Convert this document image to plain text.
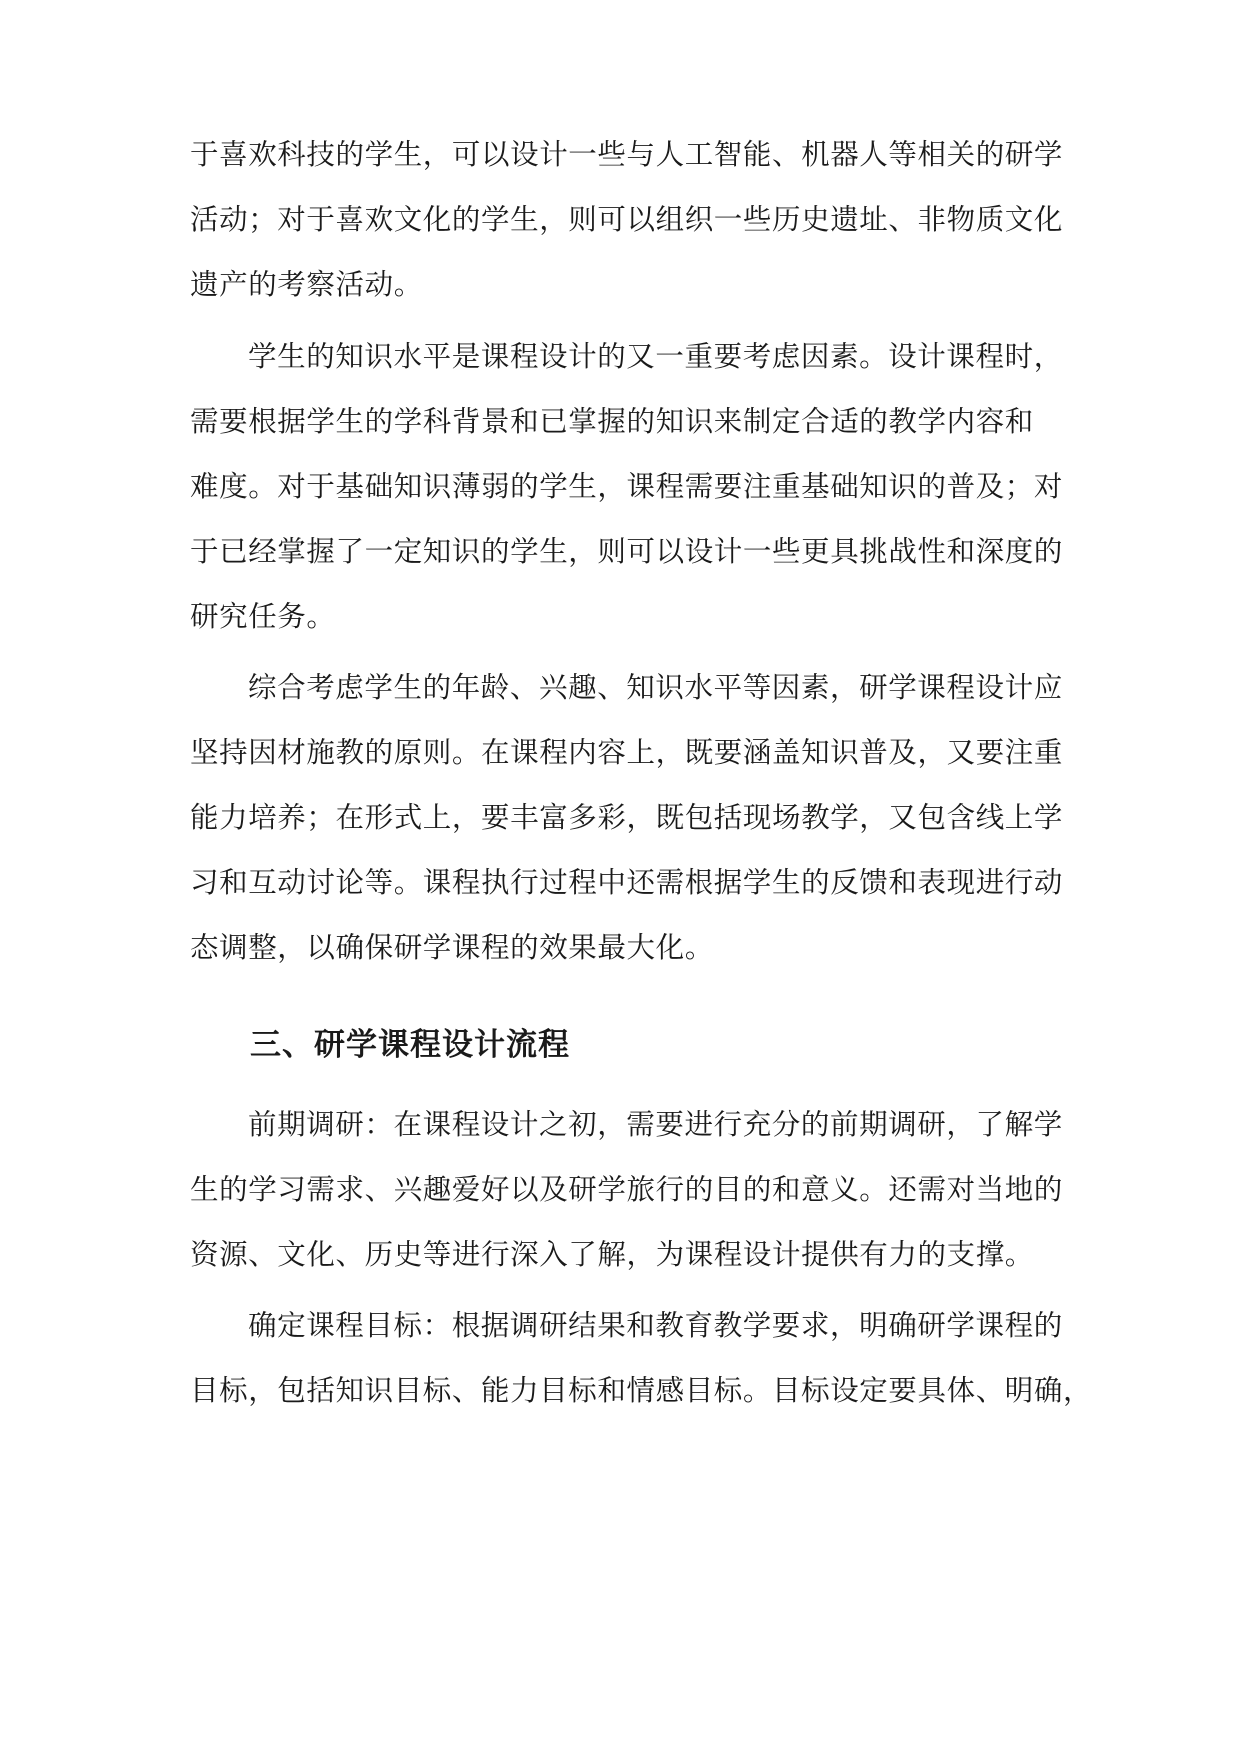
于喜欢科技的学生，可以设计一些与人工智能、机器人等相关的研学
活动；对于喜欢文化的学生，则可以组织一些历史遗址、非物质文化
遗产的考察活动。
学生的知识水平是课程设计的又一重要考虑因素。设计课程时，
需要根据学生的学科背景和已掌握的知识来制定合适的教学内容和
难度。对于基础知识薄弱的学生，课程需要注重基础知识的普及；对
于已经掌握了一定知识的学生，则可以设计一些更具挑战性和深度的
研究任务。
综合考虑学生的年龄、兴趣、知识水平等因素，研学课程设计应
坚持因材施教的原则。在课程内容上，既要涵盖知识普及，又要注重
能力培养；在形式上，要丰富多彩，既包括现场教学，又包含线上学
习和互动讨论等。课程执行过程中还需根据学生的反馈和表现进行动
态调整，以确保研学课程的效果最大化。
三、研学课程设计流程
前期调研：在课程设计之初，需要进行充分的前期调研，了解学
生的学习需求、兴趣爱好以及研学旅行的目的和意义。还需对当地的
资源、文化、历史等进行深入了解，为课程设计提供有力的支撑。
确定课程目标：根据调研结果和教育教学要求，明确研学课程的
目标，包括知识目标、能力目标和情感目标。目标设定要具体、明确，
